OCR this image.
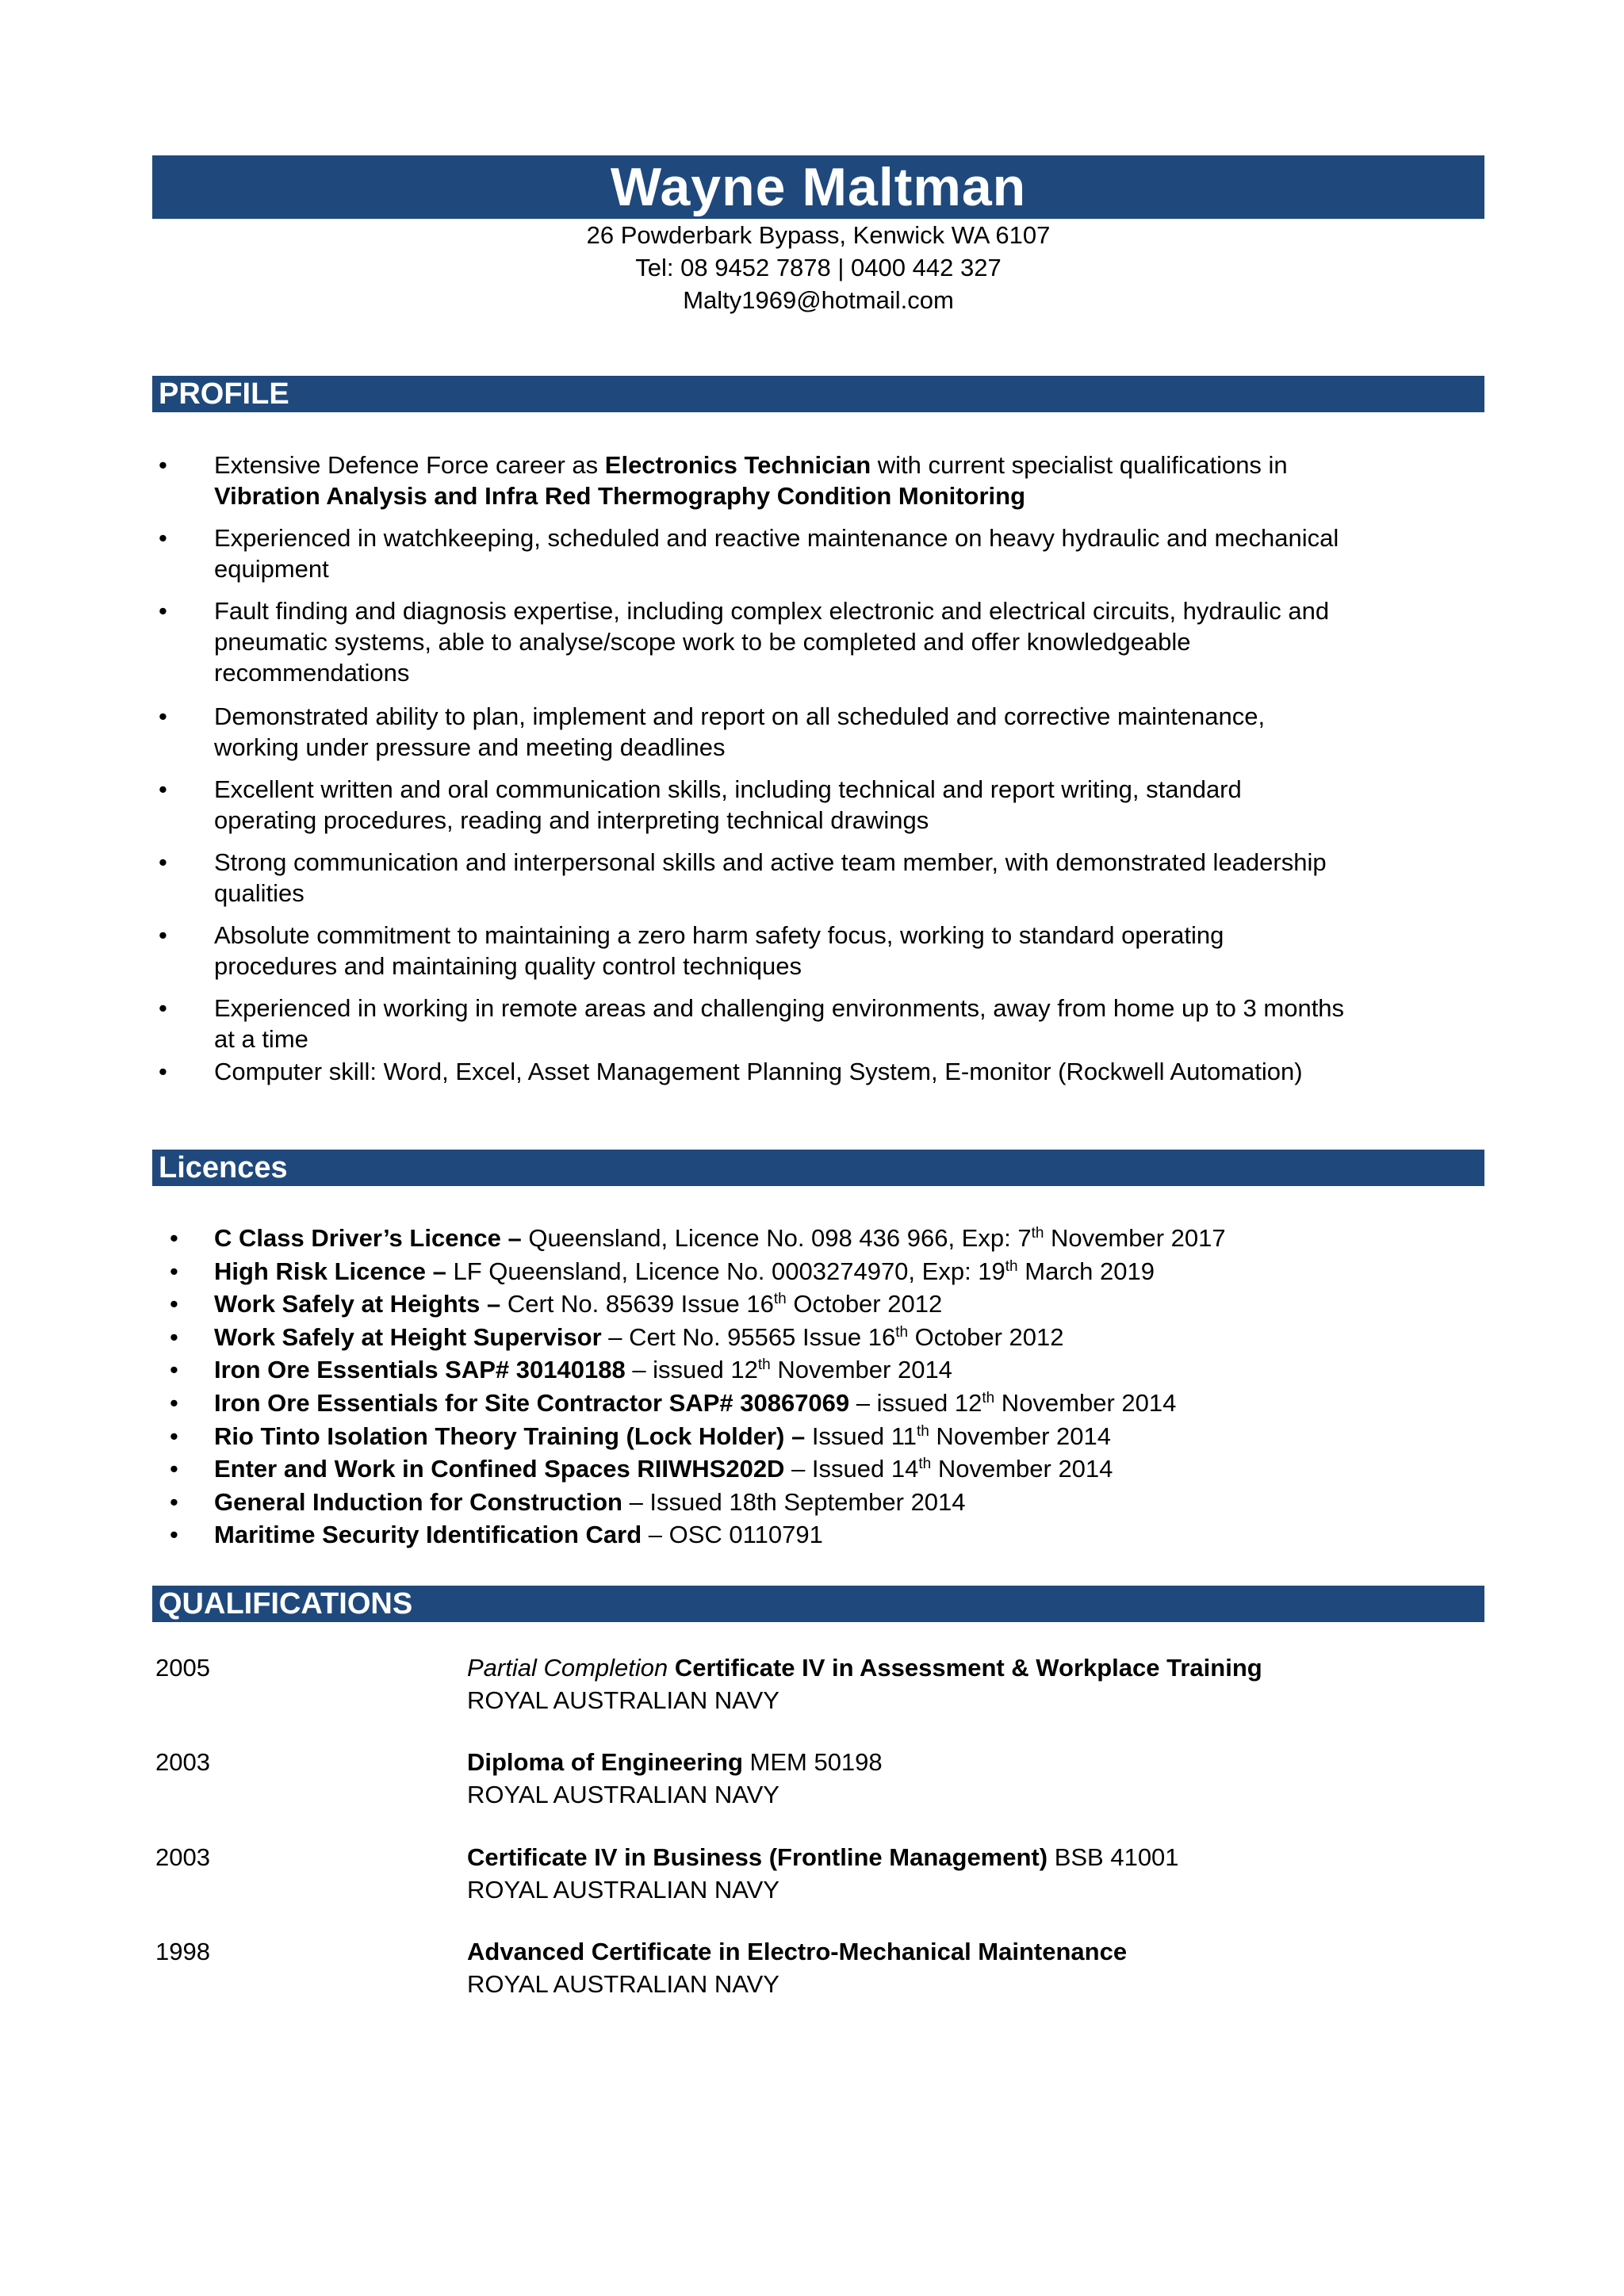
Wayne Maltman
26 Powderbark Bypass, Kenwick WA 6107
Tel: 08 9452 7878 | 0400 442 327
Malty1969@hotmail.com
PROFILE
• Extensive Defence Force career as Electronics Technician with current specialist qualifications in
Vibration Analysis and Infra Red Thermography Condition Monitoring
• Experienced in watchkeeping, scheduled and reactive maintenance on heavy hydraulic and mechanical
equipment
• Fault finding and diagnosis expertise, including complex electronic and electrical circuits, hydraulic and
pneumatic systems, able to analyse/scope work to be completed and offer knowledgeable
recommendations
• Demonstrated ability to plan, implement and report on all scheduled and corrective maintenance,
working under pressure and meeting deadlines
• Excellent written and oral communication skills, including technical and report writing, standard
operating procedures, reading and interpreting technical drawings
• Strong communication and interpersonal skills and active team member, with demonstrated leadership
qualities
• Absolute commitment to maintaining a zero harm safety focus, working to standard operating
procedures and maintaining quality control techniques
• Experienced in working in remote areas and challenging environments, away from home up to 3 months
at a time
• Computer skill: Word, Excel, Asset Management Planning System, E-monitor (Rockwell Automation)
Licences
• C Class Driver’s Licence – Queensland, Licence No. 098 436 966, Exp: 7th November 2017
• High Risk Licence – LF Queensland, Licence No. 0003274970, Exp: 19th March 2019
• Work Safely at Heights – Cert No. 85639 Issue 16th October 2012
• Work Safely at Height Supervisor – Cert No. 95565 Issue 16th October 2012
• Iron Ore Essentials SAP# 30140188 – issued 12th November 2014
• Iron Ore Essentials for Site Contractor SAP# 30867069 – issued 12th November 2014
• Rio Tinto Isolation Theory Training (Lock Holder) – Issued 11th November 2014
• Enter and Work in Confined Spaces RIIWHS202D – Issued 14th November 2014
• General Induction for Construction – Issued 18th September 2014
• Maritime Security Identification Card – OSC 0110791
QUALIFICATIONS
2005	Partial Completion Certificate IV in Assessment & Workplace Training
ROYAL AUSTRALIAN NAVY
2003	Diploma of Engineering MEM 50198
ROYAL AUSTRALIAN NAVY
2003	Certificate IV in Business (Frontline Management) BSB 41001
ROYAL AUSTRALIAN NAVY
1998	Advanced Certificate in Electro-Mechanical Maintenance
ROYAL AUSTRALIAN NAVY
